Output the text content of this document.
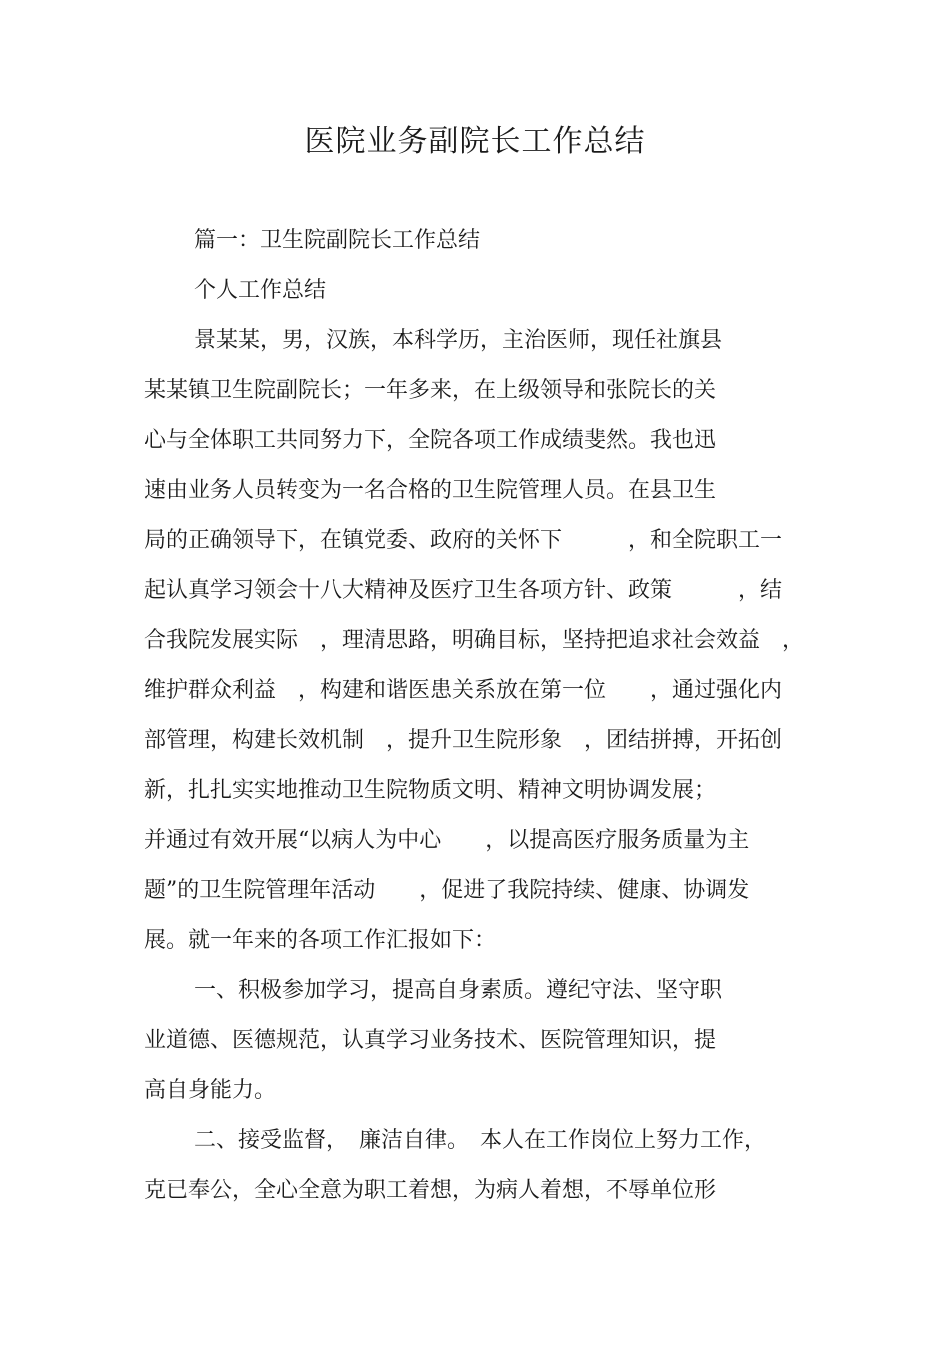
医院业务副院长工作总结

篇一：卫生院副院长工作总结

个人工作总结

景某某，男，汉族，本科学历，主治医师，现任社旗县

某某镇卫生院副院长；一年多来，在上级领导和张院长的关

心与全体职工共同努力下，全院各项工作成绩斐然。我也迅

速由业务人员转变为一名合格的卫生院管理人员。在县卫生

局的正确领导下，在镇党委、政府的关怀下　　　，和全院职工一

起认真学习领会十八大精神及医疗卫生各项方针、政策　　　，结

合我院发展实际　，理清思路，明确目标，坚持把追求社会效益　，

维护群众利益　，构建和谐医患关系放在第一位　　，通过强化内

部管理，构建长效机制　，提升卫生院形象　，团结拼搏，开拓创

新，扎扎实实地推动卫生院物质文明、精神文明协调发展；

并通过有效开展“以病人为中心　　，以提高医疗服务质量为主

题”的卫生院管理年活动　　，促进了我院持续、健康、协调发

展。就一年来的各项工作汇报如下：

一、积极参加学习，提高自身素质。遵纪守法、坚守职

业道德、医德规范，认真学习业务技术、医院管理知识，提

高自身能力。

二、接受监督，　廉洁自律。　本人在工作岗位上努力工作，

克已奉公，全心全意为职工着想，为病人着想，不辱单位形
